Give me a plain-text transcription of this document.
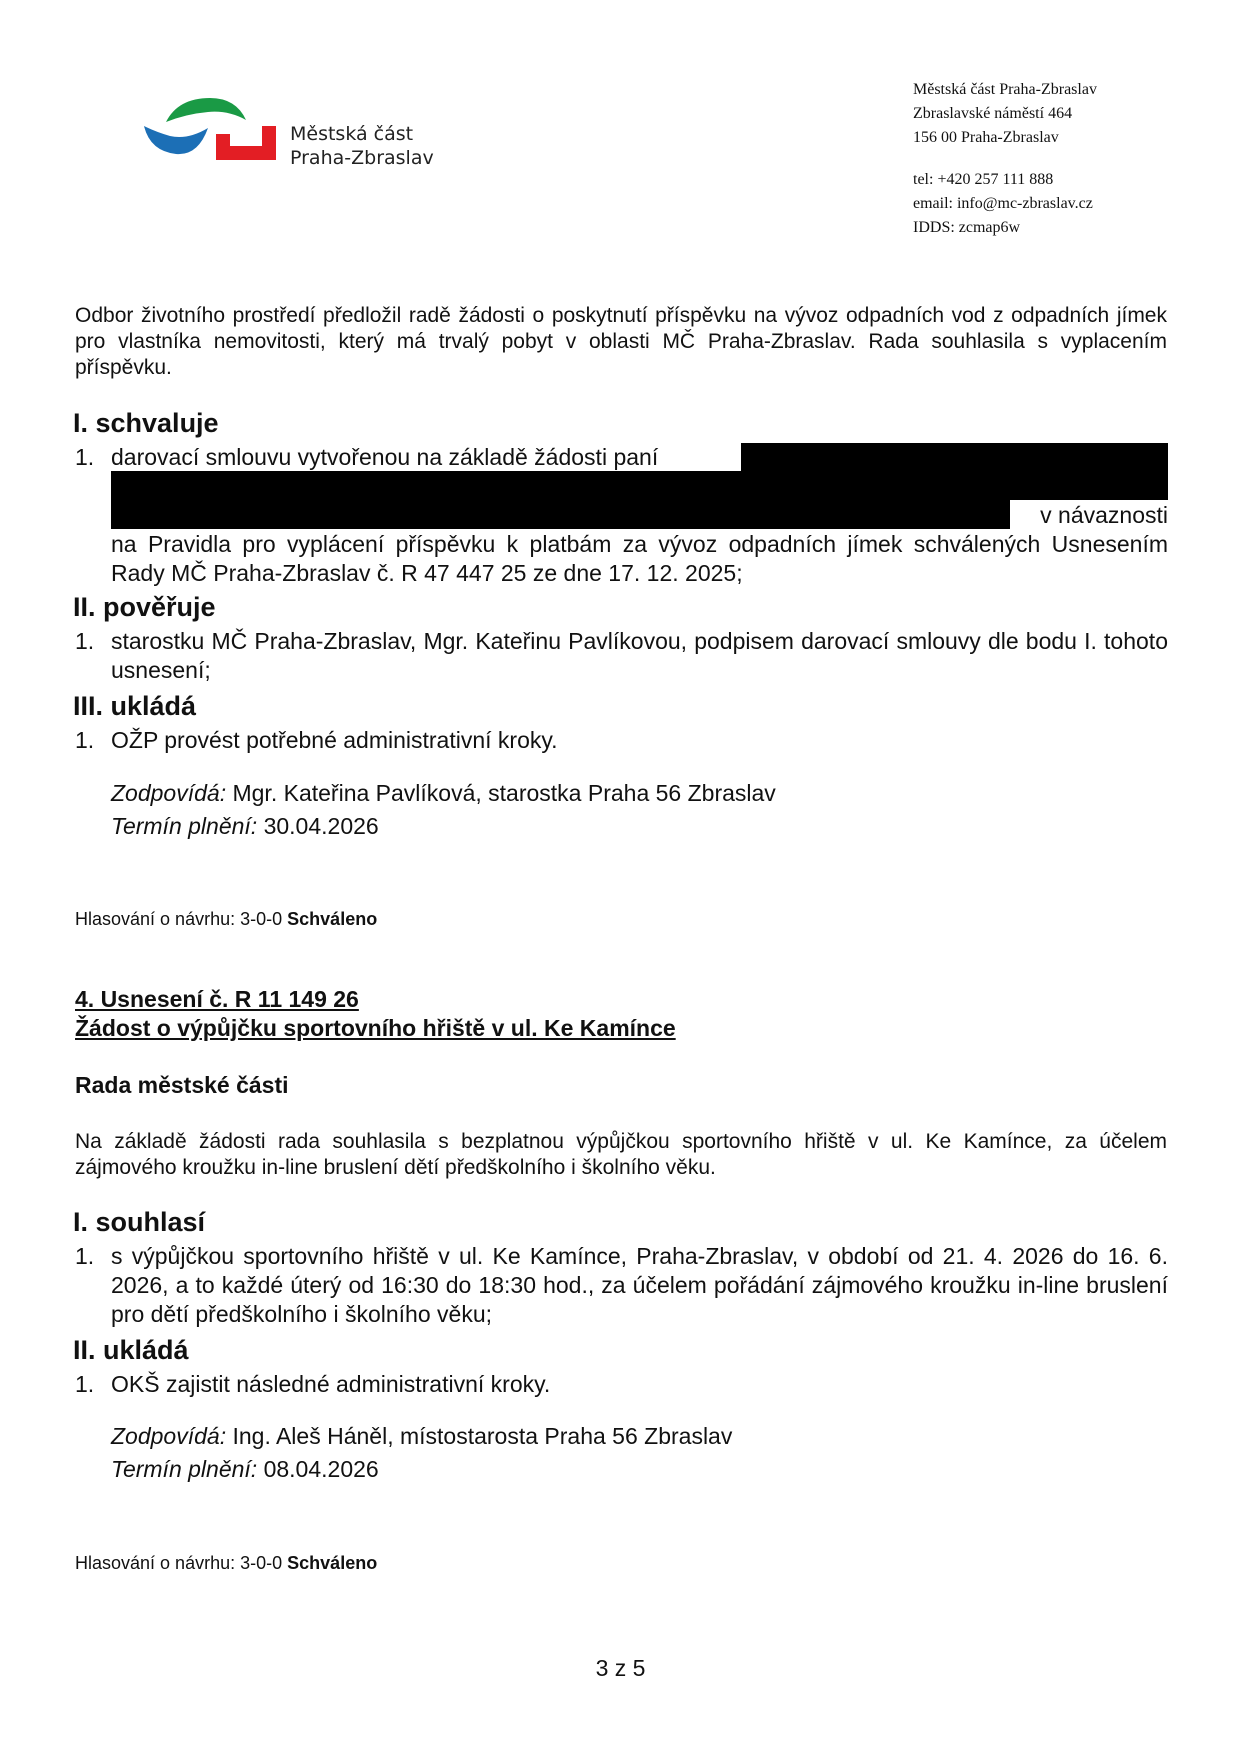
Městská část
Praha-Zbraslav
Městská část Praha-Zbraslav
Zbraslavské náměstí 464
156 00 Praha-Zbraslav
tel: +420 257 111 888
email: info@mc-zbraslav.cz
IDDS: zcmap6w
Odbor životního prostředí předložil radě žádosti o poskytnutí příspěvku na vývoz odpadních vod z odpadních jímek pro vlastníka nemovitosti, který má trvalý pobyt v oblasti MČ Praha-Zbraslav. Rada souhlasila s vyplacením příspěvku.
I. schvaluje
1. darovací smlouvu vytvořenou na základě žádosti paní
v návaznosti
na Pravidla pro vyplácení příspěvku k platbám za vývoz odpadních jímek schválených Usnesením Rady MČ Praha-Zbraslav č. R 47 447 25 ze dne 17. 12. 2025;
II. pověřuje
1. starostku MČ Praha-Zbraslav, Mgr. Kateřinu Pavlíkovou, podpisem darovací smlouvy dle bodu I. tohoto usnesení;
III. ukládá
1. OŽP provést potřebné administrativní kroky.
Zodpovídá: Mgr. Kateřina Pavlíková, starostka Praha 56 Zbraslav
Termín plnění: 30.04.2026
Hlasování o návrhu: 3-0-0 Schváleno
4. Usnesení č. R 11 149 26
Žádost o výpůjčku sportovního hřiště v ul. Ke Kamínce
Rada městské části
Na základě žádosti rada souhlasila s bezplatnou výpůjčkou sportovního hřiště v ul. Ke Kamínce, za účelem zájmového kroužku in-line bruslení dětí předškolního i školního věku.
I. souhlasí
1. s výpůjčkou sportovního hřiště v ul. Ke Kamínce, Praha-Zbraslav, v období od 21. 4. 2026 do 16. 6. 2026, a to každé úterý od 16:30 do 18:30 hod., za účelem pořádání zájmového kroužku in-line bruslení pro dětí předškolního i školního věku;
II. ukládá
1. OKŠ zajistit následné administrativní kroky.
Zodpovídá: Ing. Aleš Háněl, místostarosta Praha 56 Zbraslav
Termín plnění: 08.04.2026
Hlasování o návrhu: 3-0-0 Schváleno
3 z 5
